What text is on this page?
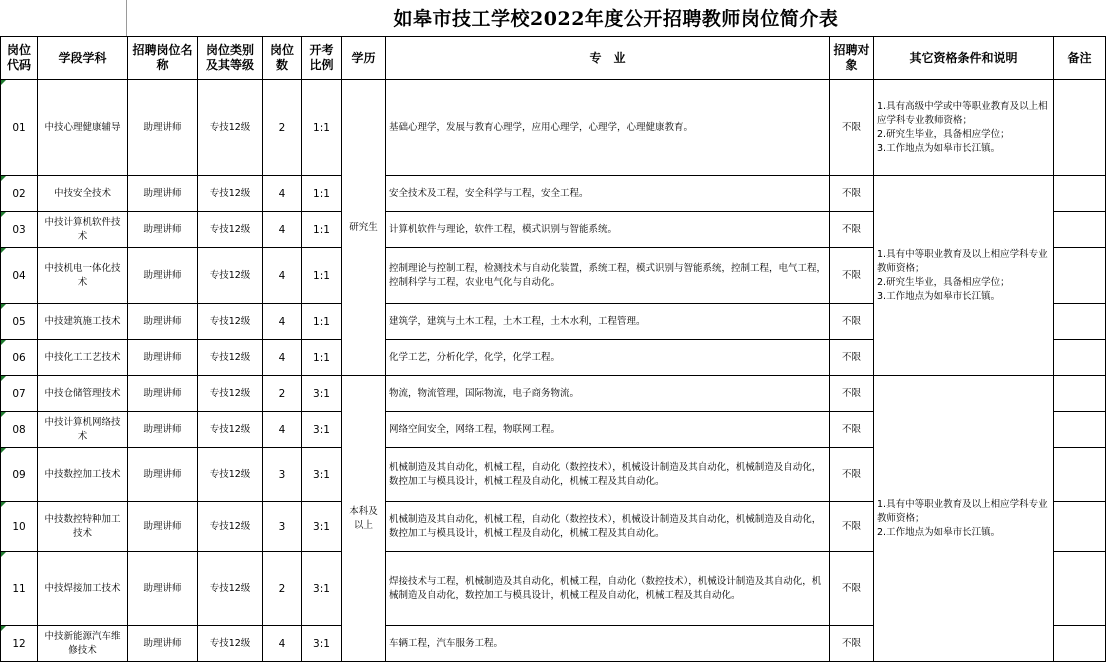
如皋市技工学校2022年度公开招聘教师岗位简介表
岗位代码	学段学科	招聘岗位名称	岗位类别及其等级	岗位数	开考比例	学历	专　业	招聘对象	其它资格条件和说明	备注
01	中技心理健康辅导	助理讲师	专技12级	2	1:1	研究生	基础心理学，发展与教育心理学，应用心理学，心理学，心理健康教育。	不限	1.具有高级中学或中等职业教育及以上相应学科专业教师资格；
2.研究生毕业，具备相应学位；
3.工作地点为如皋市长江镇。	

02	中技安全技术	助理讲师	专技12级	4	1:1		安全技术及工程，安全科学与工程，安全工程。	不限	1.具有中等职业教育及以上相应学科专业教师资格；
2.研究生毕业，具备相应学位；
3.工作地点为如皋市长江镇。	

03	中技计算机软件技术	助理讲师	专技12级	4	1:1		计算机软件与理论，软件工程，模式识别与智能系统。	不限		
04	中技机电一体化技术	助理讲师	专技12级	4	1:1		控制理论与控制工程，检测技术与自动化装置，系统工程，模式识别与智能系统，控制工程，电气工程，控制科学与工程，农业电气化与自动化。	不限		
05	中技建筑施工技术	助理讲师	专技12级	4	1:1		建筑学，建筑与土木工程，土木工程，土木水利，工程管理。	不限		
06	中技化工工艺技术	助理讲师	专技12级	4	1:1		化学工艺，分析化学，化学，化学工程。	不限		
07	中技仓储管理技术	助理讲师	专技12级	2	3:1	本科及以上	物流，物流管理，国际物流，电子商务物流。	不限	1.具有中等职业教育及以上相应学科专业教师资格；
2.工作地点为如皋市长江镇。	

08	中技计算机网络技术	助理讲师	专技12级	4	3:1		网络空间安全，网络工程，物联网工程。	不限		
09	中技数控加工技术	助理讲师	专技12级	3	3:1		机械制造及其自动化，机械工程，自动化（数控技术），机械设计制造及其自动化，机械制造及自动化，数控加工与模具设计，机械工程及自动化，机械工程及其自动化。	不限		
10	中技数控特种加工技术	助理讲师	专技12级	3	3:1		机械制造及其自动化，机械工程，自动化（数控技术），机械设计制造及其自动化，机械制造及自动化，数控加工与模具设计，机械工程及自动化，机械工程及其自动化。	不限		
11	中技焊接加工技术	助理讲师	专技12级	2	3:1		焊接技术与工程，机械制造及其自动化，机械工程，自动化（数控技术），机械设计制造及其自动化，机械制造及自动化，数控加工与模具设计，机械工程及自动化，机械工程及其自动化。	不限		
12	中技新能源汽车维修技术	助理讲师	专技12级	4	3:1		车辆工程，汽车服务工程。	不限		
